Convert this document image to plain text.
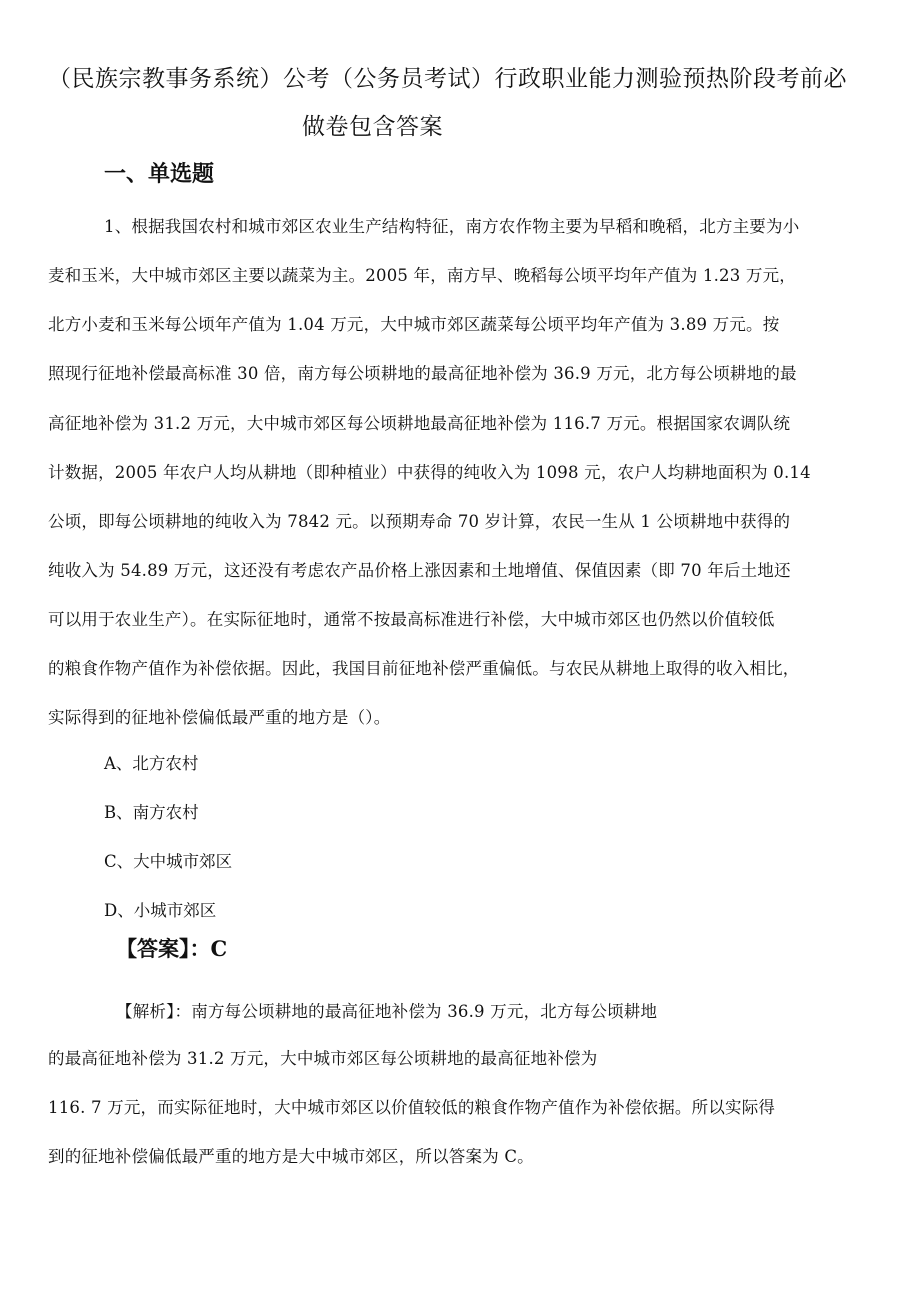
（民族宗教事务系统）公考（公务员考试）行政职业能力测验预热阶段考前必
做卷包含答案
一、单选题
1、根据我国农村和城市郊区农业生产结构特征，南方农作物主要为早稻和晚稻，北方主要为小
麦和玉米，大中城市郊区主要以蔬菜为主。2005 年，南方早、晚稻每公顷平均年产值为 1.23 万元，
北方小麦和玉米每公顷年产值为 1.04 万元，大中城市郊区蔬菜每公顷平均年产值为 3.89 万元。按
照现行征地补偿最高标准 30 倍，南方每公顷耕地的最高征地补偿为 36.9 万元，北方每公顷耕地的最
高征地补偿为 31.2 万元，大中城市郊区每公顷耕地最高征地补偿为 116.7 万元。根据国家农调队统
计数据，2005 年农户人均从耕地（即种植业）中获得的纯收入为 1098 元，农户人均耕地面积为 0.14
公顷，即每公顷耕地的纯收入为 7842 元。以预期寿命 70 岁计算，农民一生从 1 公顷耕地中获得的
纯收入为 54.89 万元，这还没有考虑农产品价格上涨因素和土地增值、保值因素（即 70 年后土地还
可以用于农业生产）。在实际征地时，通常不按最高标准进行补偿，大中城市郊区也仍然以价值较低
的粮食作物产值作为补偿依据。因此，我国目前征地补偿严重偏低。与农民从耕地上取得的收入相比，
实际得到的征地补偿偏低最严重的地方是（）。
A、北方农村
B、南方农村
C、大中城市郊区
D、小城市郊区
【答案】：C
【解析】：南方每公顷耕地的最高征地补偿为 36.9 万元，北方每公顷耕地
的最高征地补偿为 31.2 万元，大中城市郊区每公顷耕地的最高征地补偿为
116. 7 万元，而实际征地时，大中城市郊区以价值较低的粮食作物产值作为补偿依据。所以实际得
到的征地补偿偏低最严重的地方是大中城市郊区，所以答案为 C。
